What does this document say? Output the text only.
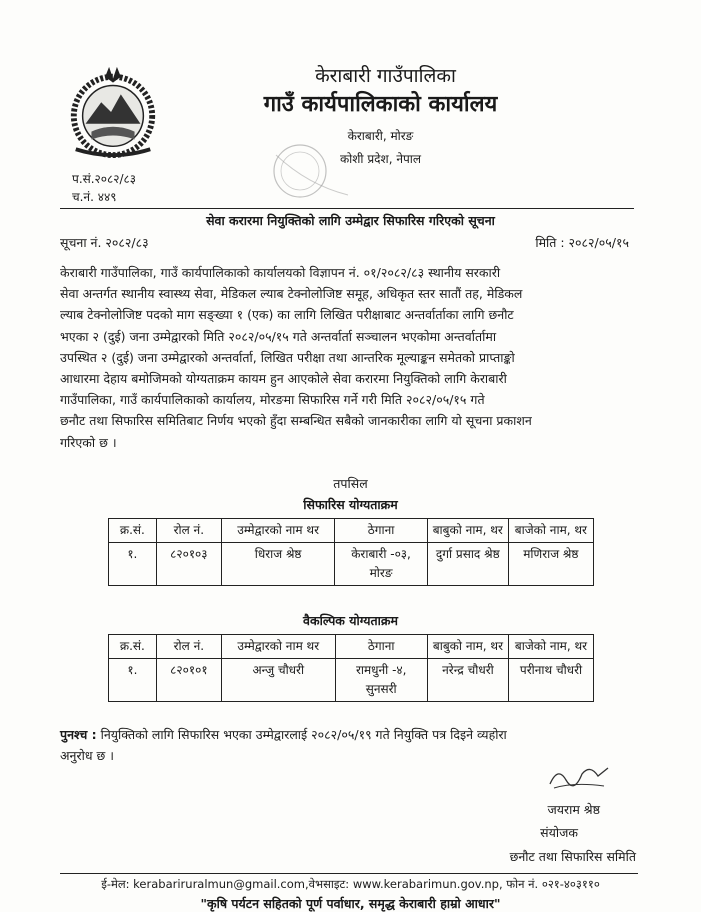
केराबारी गाउँपालिका
गाउँ कार्यपालिकाको कार्यालय
केराबारी, मोरङ
कोशी प्रदेश, नेपाल
प.सं.२०८२/८३
च.नं. ४४९
सेवा करारमा नियुक्तिको लागि उम्मेद्वार सिफारिस गरिएको सूचना
सूचना नं. २०८२/८३	मिति : २०८२/०५/१५
केराबारी गाउँपालिका, गाउँ कार्यपालिकाको कार्यालयको विज्ञापन नं. ०१/२०८२/८३ स्थानीय सरकारी
सेवा अन्तर्गत स्थानीय स्वास्थ्य सेवा, मेडिकल ल्याब टेक्नोलोजिष्ट समूह, अधिकृत स्तर सातौं तह, मेडिकल
ल्याब टेक्नोलोजिष्ट पदको माग सङ्ख्या १ (एक) का लागि लिखित परीक्षाबाट अन्तर्वार्ताका लागि छनौट
भएका २ (दुई) जना उम्मेद्वारको मिति २०८२/०५/१५ गते अन्तर्वार्ता सञ्चालन भएकोमा अन्तर्वार्तामा
उपस्थित २ (दुई) जना उम्मेद्वारको अन्तर्वार्ता, लिखित परीक्षा तथा आन्तरिक मूल्याङ्कन समेतको प्राप्ताङ्को
आधारमा देहाय बमोजिमको योग्यताक्रम कायम हुन आएकोले सेवा करारमा नियुक्तिको लागि केराबारी
गाउँपालिका, गाउँ कार्यपालिकाको कार्यालय, मोरङमा सिफारिस गर्ने गरी मिति २०८२/०५/१५ गते
छनौट तथा सिफारिस समितिबाट निर्णय भएको हुँदा सम्बन्धित सबैको जानकारीका लागि यो सूचना प्रकाशन
गरिएको छ ।
तपसिल
सिफारिस योग्यताक्रम
क्र.सं.	रोल नं.	उम्मेद्वारको नाम थर	ठेगाना	बाबुको नाम, थर	बाजेको नाम, थर
१.	८२०१०३	धिराज श्रेष्ठ	केराबारी -०३, मोरङ	दुर्गा प्रसाद श्रेष्ठ	मणिराज श्रेष्ठ
वैकल्पिक योग्यताक्रम
क्र.सं.	रोल नं.	उम्मेद्वारको नाम थर	ठेगाना	बाबुको नाम, थर	बाजेको नाम, थर
१.	८२०१०१	अन्जु चौधरी	रामधुनी -४, सुनसरी	नरेन्द्र चौधरी	परीनाथ चौधरी
पुनश्च : नियुक्तिको लागि सिफारिस भएका उम्मेद्वारलाई २०८२/०५/१९ गते नियुक्ति पत्र दिइने व्यहोरा
अनुरोध छ ।
जयराम श्रेष्ठ
संयोजक
छनौट तथा सिफारिस समिति
ई-मेल: kerabariruralmun@gmail.com,वेभसाइट: www.kerabarimun.gov.np, फोन नं. ०२१-४०३११०
"कृषि पर्यटन सहितको पूर्ण पर्वाधार, समृद्ध केराबारी हाम्रो आधार"
